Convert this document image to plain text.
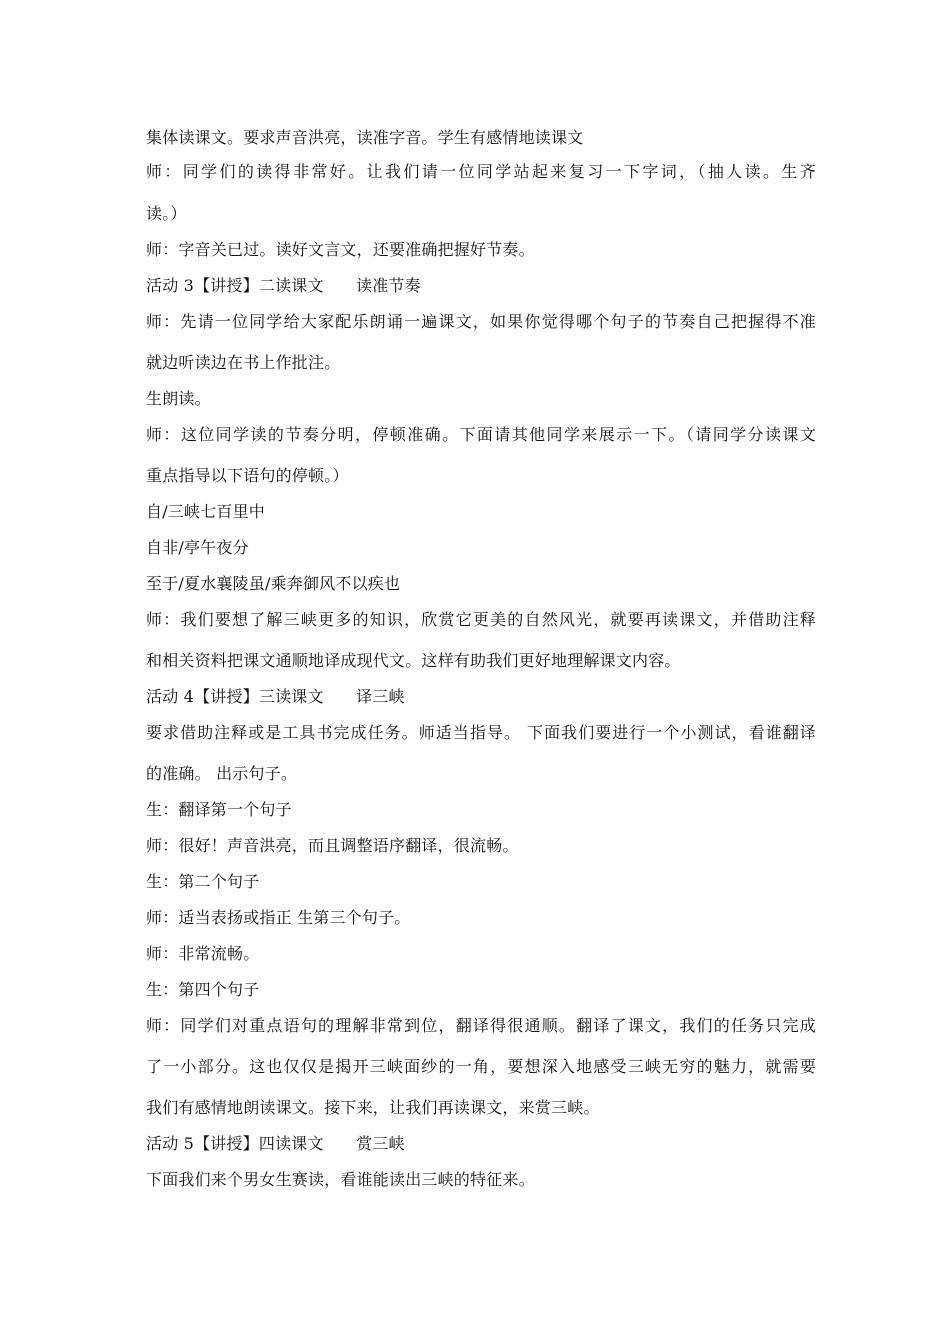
集体读课文。要求声音洪亮，读准字音。学生有感情地读课文
师：同学们的读得非常好。让我们请一位同学站起来复习一下字词，（抽人读。生齐
读。）
师：字音关已过。读好文言文，还要准确把握好节奏。
活动 3【讲授】二读课文　　读准节奏
师：先请一位同学给大家配乐朗诵一遍课文，如果你觉得哪个句子的节奏自己把握得不准
就边听读边在书上作批注。
生朗读。
师：这位同学读的节奏分明，停顿准确。下面请其他同学来展示一下。（请同学分读课文
重点指导以下语句的停顿。）
自/三峡七百里中
自非/亭午夜分
至于/夏水襄陵虽/乘奔御风不以疾也
师：我们要想了解三峡更多的知识，欣赏它更美的自然风光，就要再读课文，并借助注释
和相关资料把课文通顺地译成现代文。这样有助我们更好地理解课文内容。
活动 4【讲授】三读课文　　译三峡
要求借助注释或是工具书完成任务。师适当指导。 下面我们要进行一个小测试，看谁翻译
的准确。 出示句子。
生：翻译第一个句子
师：很好！声音洪亮，而且调整语序翻译，很流畅。
生：第二个句子
师：适当表扬或指正 生第三个句子。
师：非常流畅。
生：第四个句子
师：同学们对重点语句的理解非常到位，翻译得很通顺。翻译了课文，我们的任务只完成
了一小部分。这也仅仅是揭开三峡面纱的一角，要想深入地感受三峡无穷的魅力，就需要
我们有感情地朗读课文。接下来，让我们再读课文，来赏三峡。
活动 5【讲授】四读课文　　赏三峡
下面我们来个男女生赛读，看谁能读出三峡的特征来。
